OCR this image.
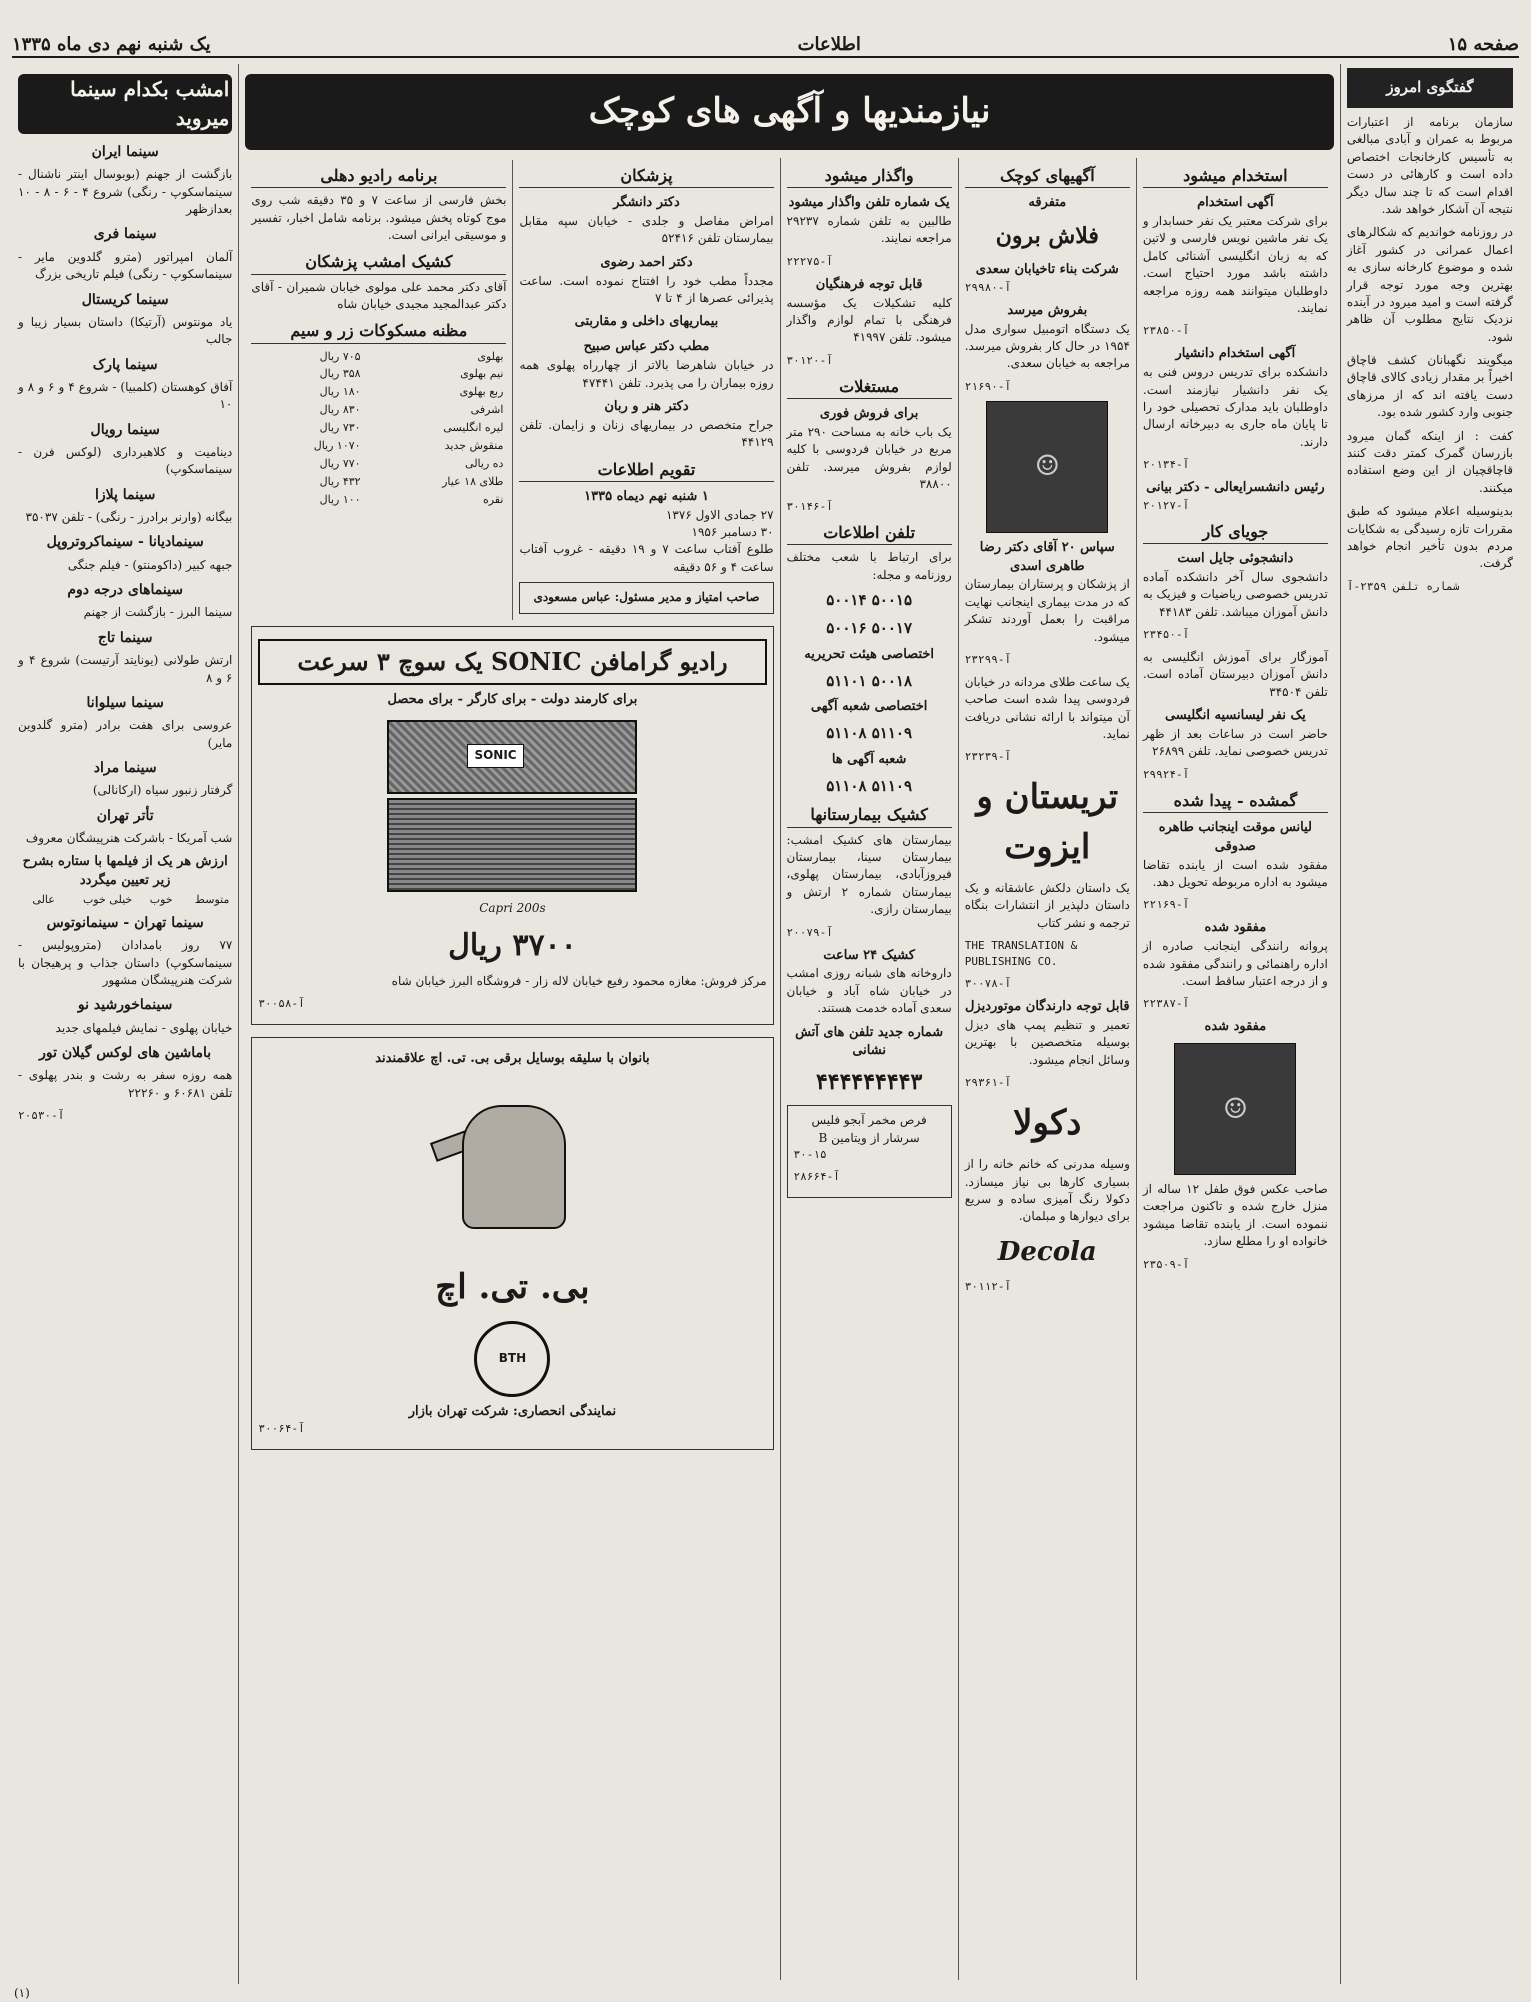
صفحه ۱۵
اطلاعات
یک شنبه نهم دی ماه ۱۳۳۵
گفتگوی امروز

سازمان برنامه از اعتبارات مربوط به عمران و آبادی مبالغی به تأسیس کارخانجات اختصاص داده است و کارهائی در دست اقدام است که تا چند سال دیگر نتیجه آن آشکار خواهد شد.

در روزنامه خواندیم که شکالرهای اعمال عمرانی در کشور آغاز شده و موضوع کارخانه سازی به بهترین وجه مورد توجه قرار گرفته است و امید میرود در آینده نزدیک نتایج مطلوب آن ظاهر شود.

میگویند نگهبانان کشف قاچاق اخیراً بر مقدار زیادی کالای قاچاق دست یافته اند که از مرزهای جنوبی وارد کشور شده بود.

کفت : از اینکه گمان میرود بازرسان گمرک کمتر دقت کنند قاچاقچیان از این وضع استفاده میکنند.

بدینوسیله اعلام میشود که طبق مقررات تازه رسیدگی به شکایات مردم بدون تأخیر انجام خواهد گرفت.

شماره تلفن ۲۳۵۹-آ
نیازمندیها و آگهی های کوچک
استخدام میشود
آگهی استخدام

برای شرکت معتبر یک نفر حسابدار و یک نفر ماشین نویس فارسی و لاتین که به زبان انگلیسی آشنائی کامل داشته باشد مورد احتیاج است. داوطلبان میتوانند همه روزه مراجعه نمایند.

آ-۲۳۸۵۰
آگهی استخدام دانشیار

دانشکده برای تدریس دروس فنی به یک نفر دانشیار نیازمند است. داوطلبان باید مدارک تحصیلی خود را تا پایان ماه جاری به دبیرخانه ارسال دارند.

آ-۲۰۱۳۴
رئیس دانشسرایعالی - دکتر بیانی
آ-۲۰۱۲۷
جویای کار
دانشجوئی جایل است

دانشجوی سال آخر دانشکده آماده تدریس خصوصی ریاضیات و فیزیک به دانش آموزان میباشد. تلفن ۴۴۱۸۳

آ-۲۳۴۵۰

آموزگار برای آموزش انگلیسی به دانش آموزان دبیرستان آماده است. تلفن ۳۴۵۰۴

یک نفر لیسانسیه انگلیسی

حاضر است در ساعات بعد از ظهر تدریس خصوصی نماید. تلفن ۲۶۸۹۹

آ-۲۹۹۲۴
گمشده - پیدا شده
لیانس موقت اینجانب طاهره صدوقی

مفقود شده است از یابنده تقاضا میشود به اداره مربوطه تحویل دهد.

آ-۲۲۱۶۹
مفقود شده

پروانه رانندگی اینجانب صادره از اداره راهنمائی و رانندگی مفقود شده و از درجه اعتبار ساقط است.

آ-۲۲۳۸۷
مفقود شده
☺

صاحب عکس فوق طفل ۱۲ ساله از منزل خارج شده و تاکنون مراجعت ننموده است. از یابنده تقاضا میشود خانواده او را مطلع سازد.

آ-۲۳۵۰۹
آگهیهای کوچک
متفرقه
فلاش برون
شرکت بناء تاخیابان سعدی
آ-۲۹۹۸۰
بفروش میرسد

یک دستگاه اتومبیل سواری مدل ۱۹۵۴ در حال کار بفروش میرسد. مراجعه به خیابان سعدی.

آ-۲۱۶۹۰
☺
سپاس ۲۰ آقای دکتر رضا طاهری اسدی

از پزشکان و پرستاران بیمارستان که در مدت بیماری اینجانب نهایت مراقبت را بعمل آوردند تشکر میشود.

آ-۲۳۲۹۹

یک ساعت طلای مردانه در خیابان فردوسی پیدا شده است صاحب آن میتواند با ارائه نشانی دریافت نماید.

آ-۲۳۲۳۹
تریستان و ایزوت

یک داستان دلکش عاشقانه و یک داستان دلپذیر از انتشارات بنگاه ترجمه و نشر کتاب

THE TRANSLATION & PUBLISHING CO.
آ-۳۰۰۷۸
قابل توجه دارندگان موتوردیزل

تعمیر و تنظیم پمپ های دیزل بوسیله متخصصین با بهترین وسائل انجام میشود.

آ-۲۹۳۶۱
دکولا

وسیله مدرنی که خانم خانه را از بسیاری کارها بی نیاز میسازد. دکولا رنگ آمیزی ساده و سریع برای دیوارها و مبلمان.

Decola
آ-۳۰۱۱۲
واگذار میشود
یک شماره تلفن واگذار میشود

طالبین به تلفن شماره ۲۹۲۳۷ مراجعه نمایند.

آ-۲۲۲۷۵
قابل توجه فرهنگیان

کلیه تشکیلات یک مؤسسه فرهنگی با تمام لوازم واگذار میشود. تلفن ۴۱۹۹۷

آ-۳۰۱۲۰
مستغلات
برای فروش فوری

یک باب خانه به مساحت ۲۹۰ متر مربع در خیابان فردوسی با کلیه لوازم بفروش میرسد. تلفن ۳۸۸۰۰

آ-۳۰۱۴۶
تلفن اطلاعات

برای ارتباط با شعب مختلف روزنامه و مجله:

۵۰۰۱۴ ۵۰۰۱۵
۵۰۰۱۶ ۵۰۰۱۷
اختصاصی هیئت تحریریه
۵۱۱۰۱ ۵۰۰۱۸
اختصاصی شعبه آگهی
۵۱۱۰۸ ۵۱۱۰۹
شعبه آگهی ها
۵۱۱۰۸ ۵۱۱۰۹
کشیک بیمارستانها

بیمارستان های کشیک امشب: بیمارستان سینا، بیمارستان فیروزآبادی، بیمارستان پهلوی، بیمارستان شماره ۲ ارتش و بیمارستان رازی.

آ-۲۰۰۷۹
کشیک ۲۴ ساعت

داروخانه های شبانه روزی امشب در خیابان شاه آباد و خیابان سعدی آماده خدمت هستند.

شماره جدید تلفن های آتش نشانی
۴۴۴۴۴۴۴۴۳
فرص مخمر آبجو فلیس سرشار از ویتامین B
۳۰-۱۵
آ-۲۸۶۶۴
پزشکان
دکتر دانشگر

امراض مفاصل و جلدی - خیابان سپه مقابل بیمارستان تلفن ۵۲۴۱۶

دکتر احمد رضوی

مجدداً مطب خود را افتتاح نموده است. ساعت پذیرائی عصرها از ۴ تا ۷

بیماریهای داخلی و مقاربتی
مطب دکتر عباس صبیح

در خیابان شاهرضا بالاتر از چهارراه پهلوی همه روزه بیماران را می پذیرد. تلفن ۴۷۴۴۱

دکتر هنر و ربان

جراح متخصص در بیماریهای زنان و زایمان. تلفن ۴۴۱۲۹

تقویم اطلاعات
۱ شنبه نهم دیماه ۱۳۳۵
۲۷ جمادی الاول ۱۳۷۶
۳۰ دسامبر ۱۹۵۶

طلوع آفتاب ساعت ۷ و ۱۹ دقیقه - غروب آفتاب ساعت ۴ و ۵۶ دقیقه

صاحب امتیاز و مدیر مسئول: عباس مسعودی
برنامه رادیو دهلی

بخش فارسی از ساعت ۷ و ۳۵ دقیقه شب روی موج کوتاه پخش میشود. برنامه شامل اخبار، تفسیر و موسیقی ایرانی است.

کشیک امشب پزشکان

آقای دکتر محمد علی مولوی خیابان شمیران - آقای دکتر عبدالمجید مجیدی خیابان شاه

مظنه مسکوکات زر و سیم
بهلوی	۷۰۵ ریال
نیم بهلوی	۳۵۸ ریال
ربع بهلوی	۱۸۰ ریال
اشرفی	۸۳۰ ریال
لیره انگلیسی	۷۳۰ ریال
منقوش جدید	۱۰۷۰ ریال
ده ریالی	۷۷۰ ریال
طلای ۱۸ عیار	۴۳۲ ریال
نقره	۱۰۰ ریال
رادیو گرامافن SONIC یک سوچ ۳ سرعت
برای کارمند دولت - برای کارگر - برای محصل
SONIC
Capri 200s
۳۷۰۰ ریال

مرکز فروش: مغازه محمود رفیع خیابان لاله زار - فروشگاه البرز خیابان شاه

آ-۳۰۰۵۸
بانوان با سلیقه بوسایل برقی بی. تی. اچ علاقمندند
بی. تی. اچ
BTH
نمایندگی انحصاری: شرکت تهران بازار
آ-۳۰۰۶۴
امشب بکدام سینما میروید
سینما ایران

بازگشت از جهنم (بوبوسال اینتر ناشنال - سینماسکوپ - رنگی) شروع ۴ - ۶ - ۸ - ۱۰ بعدازظهر

سینما فری

آلمان امپراتور (مترو گلدوین مایر - سینماسکوپ - رنگی) فیلم تاریخی بزرگ

سینما کریستال

یاد مونتوس (آرتیکا) داستان بسیار زیبا و جالب

سینما پارک

آفاق کوهستان (کلمبیا) - شروع ۴ و ۶ و ۸ و ۱۰

سینما رویال

دینامیت و کلاهبرداری (لوکس فرن - سینماسکوپ)

سینما پلازا

بیگانه (وارنر برادرز - رنگی) - تلفن ۳۵۰۳۷

سینمادیانا - سینماکروتروپل

جبهه کبیر (داکومنتو) - فیلم جنگی

سینماهای درجه دوم

سینما البرز - بازگشت از جهنم

سینما تاج

ارتش طولانی (یونایتد آرتیست) شروع ۴ و ۶ و ۸

سینما سیلوانا

عروسی برای هفت برادر (مترو گلدوین مایر)

سینما مراد

گرفتار زنبور سیاه (ارکانالی)

تأتر تهران

شب آمریکا - باشرکت هنرپیشگان معروف

ارزش هر یک از فیلمها با ستاره بشرح زیر تعیین میگردد
متوسط	خوب	خیلی خوب	عالی
سینما تهران - سینمانوتوس

۷۷ روز بامدادان (متروپولیس - سینماسکوپ) داستان جذاب و پرهیجان با شرکت هنرپیشگان مشهور

سینماخورشید نو

خیابان پهلوی - نمایش فیلمهای جدید

باماشین های لوکس گیلان تور

همه روزه سفر به رشت و بندر پهلوی - تلفن ۶۰۶۸۱ و ۲۲۲۶۰

آ-۲۰۵۳۰
(۱)
